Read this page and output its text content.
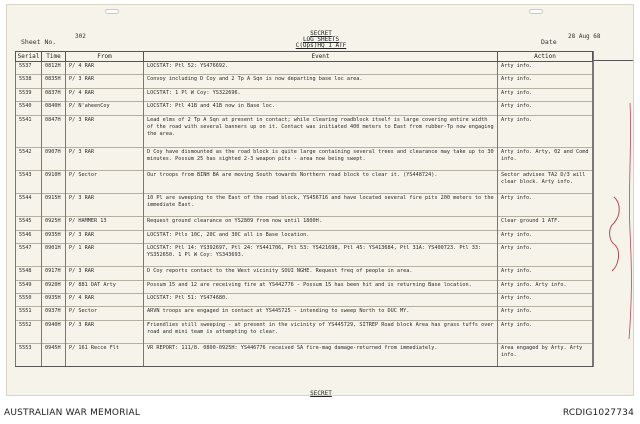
SECRET
LOG SHEETS
C(Ops)HQ 1 ATF
Sheet No.
302
Date
28 Aug 68
Serial	Time	From	Event	Action
5537	0812H	P/ 4 RAR	LOCSTAT: Ptl 52: YS476692.	Arty info.
5538	0835H	P/ 3 RAR	Convoy including D Coy and 2 Tp A Sqn is now departing base loc area.	Arty info.
5539	0837H	P/ 4 RAR	LOCSTAT: 1 Pl W Coy: YS322696.	Arty info.
5540	0840H	P/ N'aheenCoy	LOCSTAT: Ptl 41B and 41B now in Base loc.	Arty info.
5541	0847H	P/ 3 RAR	Lead elms of 2 Tp A Sqn at present in contact; while clearing roadblock itself is large covering entire width of the road with several banners up on it. Contact was initiated 400 meters to East from rubber-Tp now engaging the area.	Arty info.
5542	0907H	P/ 3 RAR	D Coy have dismounted as the road block is quite large containing several trees and clearance may take up to 30 minutes. Possum 25 has sighted 2-3 weapon pits - area now being swept.	Arty info. Arty, 02 and Comd info.
5543	0910H	P/ Sector	Our troops from BINH BA are moving South towards Northern road block to clear it. (YS448724).	Sector advises TA2 D/3 will clear block. Arty info.
5544	0915H	P/ 3 RAR	10 Pl are sweeping to the East of the road block, YS456716 and have located several fire pits 200 meters to the immediate East.	Arty info.
5545	0925H	P/ HAMMER 13	Request ground clearance on YS2809 from now until 1800H.	Clear ground 1 ATF.
5546	0935H	P/ 3 RAR	LOCSTAT: Ptls 10C, 20C and 30C all in Base location.	Arty info.
5547	0901H	P/ 1 RAR	LOCSTAT: Ptl 14: YS392697, Ptl 24: YS441706, Ptl 53: YS421698, Ptl 45: YS413684, Ptl 31A: YS400723. Ptl 33: YS352650. 1 Pl W Coy: YS343693.	Arty info.
5548	0917H	P/ 3 RAR	D Coy reports contact to the West vicinity SOUI NGHE. Request freq of people in area.	Arty info.
5549	0920H	P/ 881 DAT Arty	Possum 15 and 12 are receiving fire at YS442776 - Possum 15 has been hit and is returning Base location.	Arty info. Arty info.
5550	0935H	P/ 4 RAR	LOCSTAT: Ptl 51: YS474680.	Arty info.
5551	0937H	P/ Sector	ARVN troops are engaged in contact at YS445725 - intending to sweep North to DUC MY.	Arty info.
5552	0940H	P/ 3 RAR	Friendlies still sweeping - at present in the vicinity of YS445729, SITREP Road block Area has grass tuffs over road and mini team is attempting to clear.	Arty info.
5553	0945H	P/ 161 Recce Flt	VR REPORT: 111/8. 0800-0925H: YS446776 received SA fire-mag damage-returned from immediately.	Area engaged by Arty. Arty info.
SECRET
AUSTRALIAN WAR MEMORIAL	RCDIG1027734
